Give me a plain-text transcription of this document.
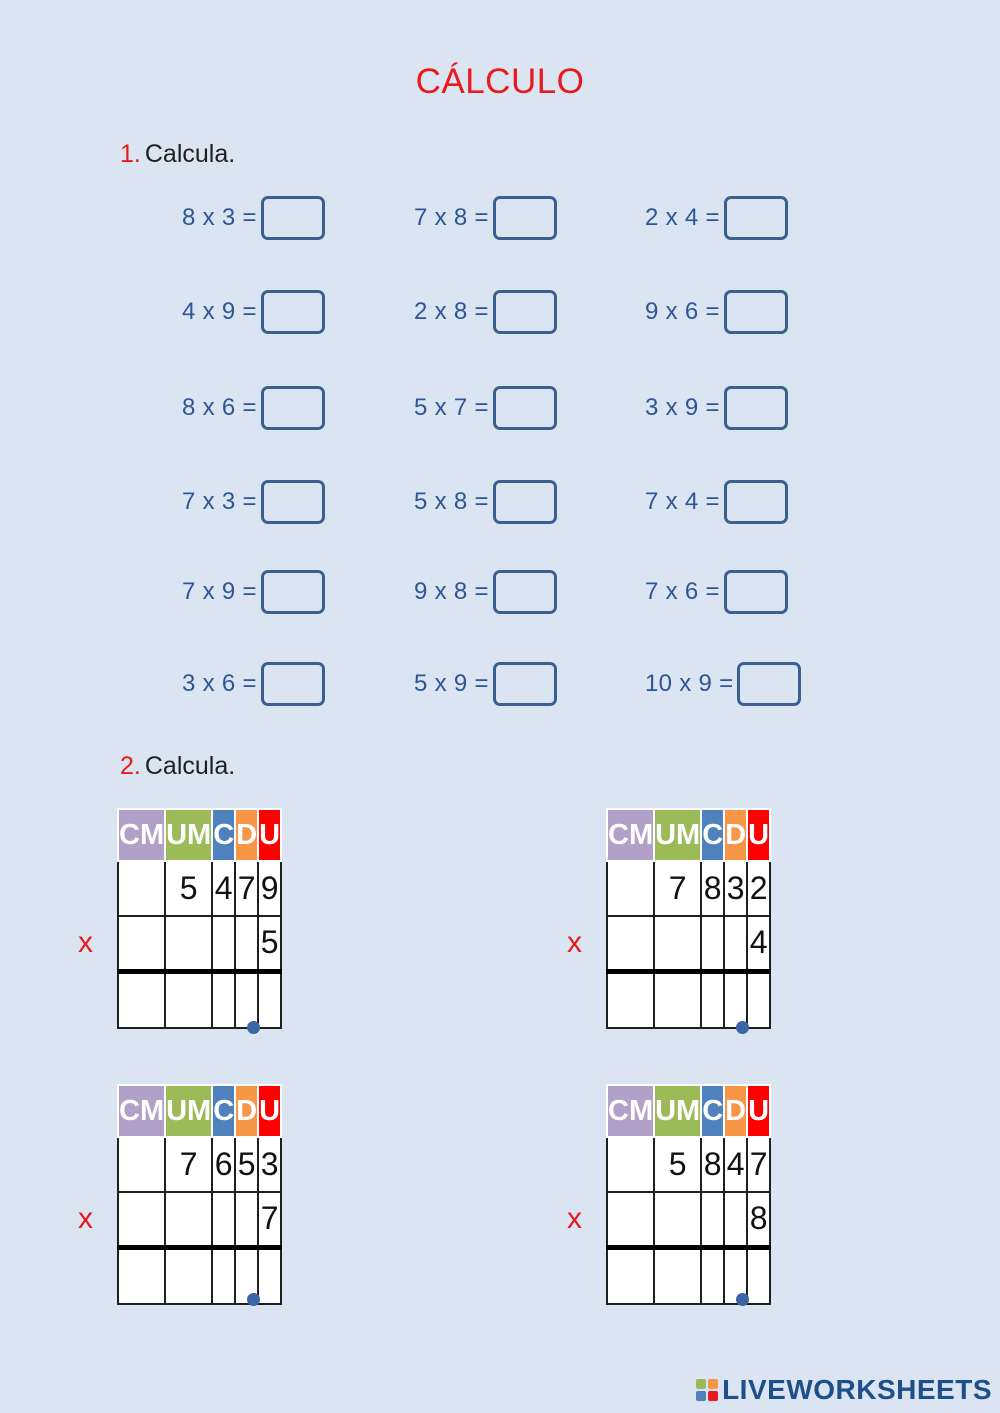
CÁLCULO
1. Calcula.
8 x 3 =	7 x 8 =	2 x 4 =
4 x 9 =	2 x 8 =	9 x 6 =
8 x 6 =	5 x 7 =	3 x 9 =
7 x 3 =	5 x 8 =	7 x 4 =
7 x 9 =	9 x 8 =	7 x 6 =
3 x 6 =	5 x 9 =	10 x 9 =
2. Calcula.
CM	UM	C	D	U
	5	4	7	9
				5

x
CM	UM	C	D	U
	7	8	3	2
				4

x
CM	UM	C	D	U
	7	6	5	3
				7

x
CM	UM	C	D	U
	5	8	4	7
				8

x
LIVEWORKSHEETS
